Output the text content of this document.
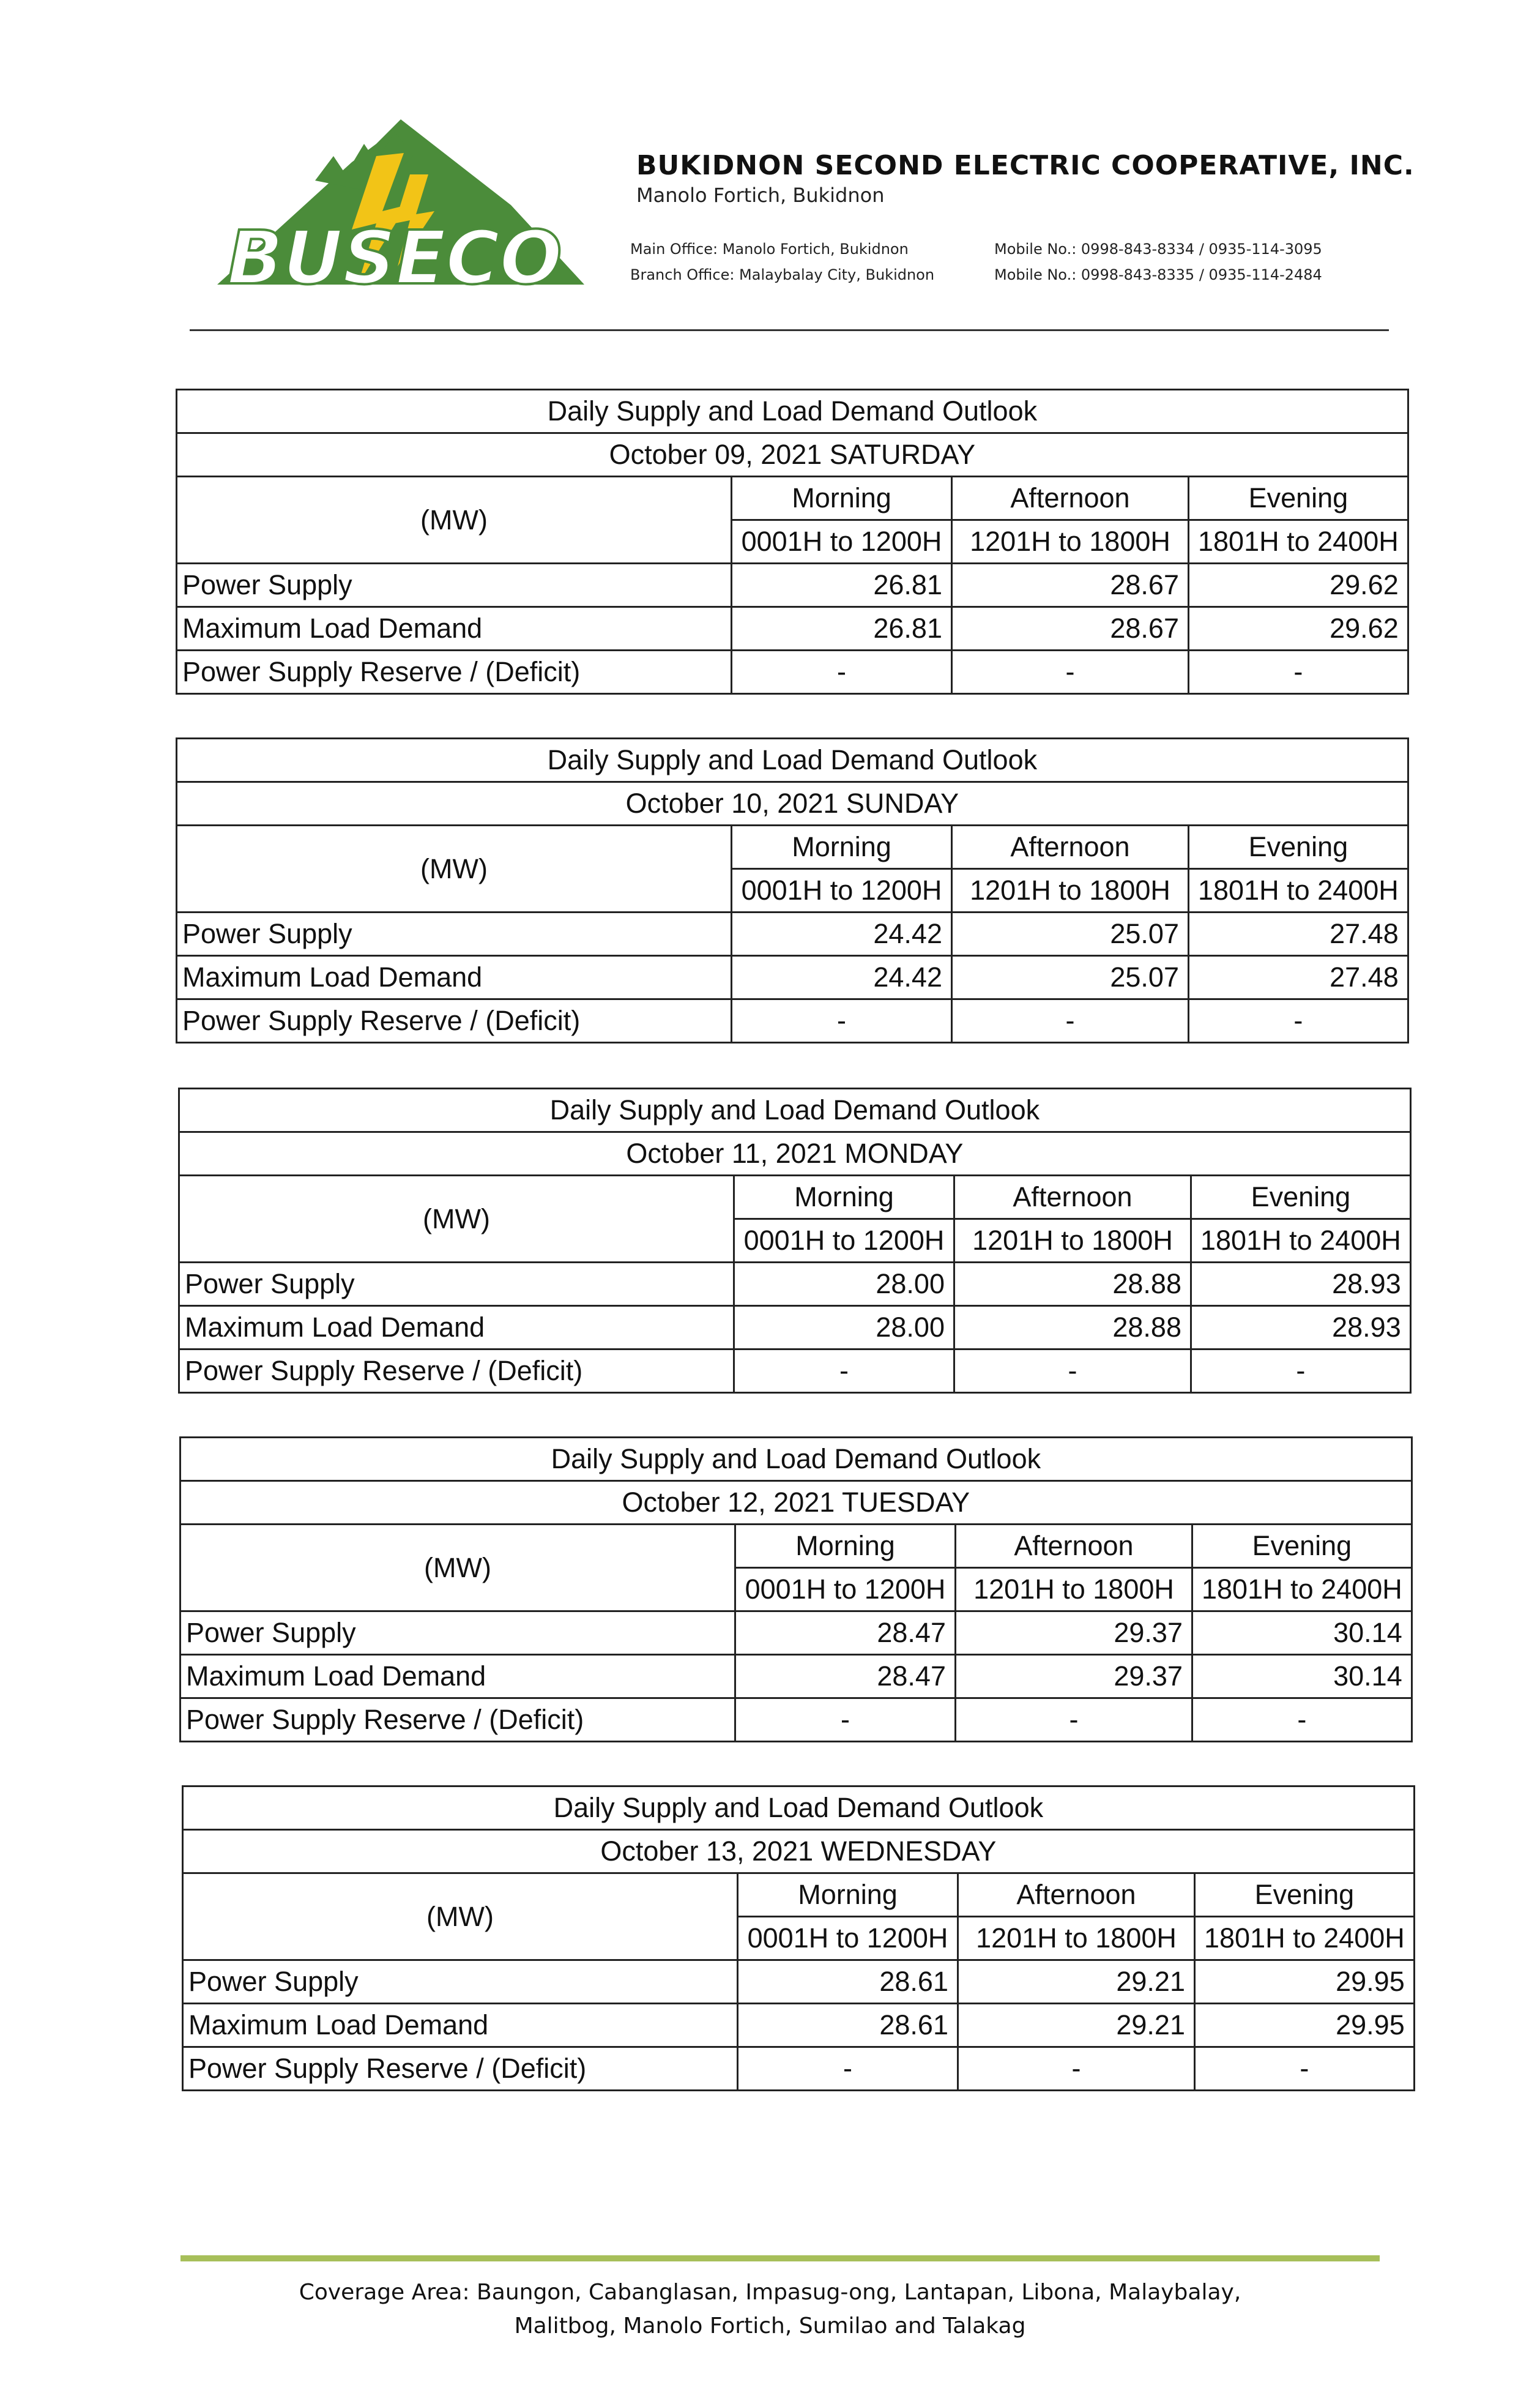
BUSECO
BUKIDNON SECOND ELECTRIC COOPERATIVE, INC.
Manolo Fortich, Bukidnon
Main Office: Manolo Fortich, Bukidnon	Mobile No.: 0998-843-8334 / 0935-114-3095
Branch Office: Malaybalay City, Bukidnon	Mobile No.: 0998-843-8335 / 0935-114-2484
Daily Supply and Load Demand Outlook			
October 09, 2021 SATURDAY			
(MW)	Morning	Afternoon	Evening
	0001H to 1200H	1201H to 1800H	1801H to 2400H
Power Supply	26.81	28.67	29.62
Maximum Load Demand	26.81	28.67	29.62
Power Supply Reserve / (Deficit)	-	-	-
Daily Supply and Load Demand Outlook			
October 10, 2021 SUNDAY			
(MW)	Morning	Afternoon	Evening
	0001H to 1200H	1201H to 1800H	1801H to 2400H
Power Supply	24.42	25.07	27.48
Maximum Load Demand	24.42	25.07	27.48
Power Supply Reserve / (Deficit)	-	-	-
Daily Supply and Load Demand Outlook			
October 11, 2021 MONDAY			
(MW)	Morning	Afternoon	Evening
	0001H to 1200H	1201H to 1800H	1801H to 2400H
Power Supply	28.00	28.88	28.93
Maximum Load Demand	28.00	28.88	28.93
Power Supply Reserve / (Deficit)	-	-	-
Daily Supply and Load Demand Outlook			
October 12, 2021 TUESDAY			
(MW)	Morning	Afternoon	Evening
	0001H to 1200H	1201H to 1800H	1801H to 2400H
Power Supply	28.47	29.37	30.14
Maximum Load Demand	28.47	29.37	30.14
Power Supply Reserve / (Deficit)	-	-	-
Daily Supply and Load Demand Outlook			
October 13, 2021 WEDNESDAY			
(MW)	Morning	Afternoon	Evening
	0001H to 1200H	1201H to 1800H	1801H to 2400H
Power Supply	28.61	29.21	29.95
Maximum Load Demand	28.61	29.21	29.95
Power Supply Reserve / (Deficit)	-	-	-
Coverage Area: Baungon, Cabanglasan, Impasug-ong, Lantapan, Libona, Malaybalay,
Malitbog, Manolo Fortich, Sumilao and Talakag
